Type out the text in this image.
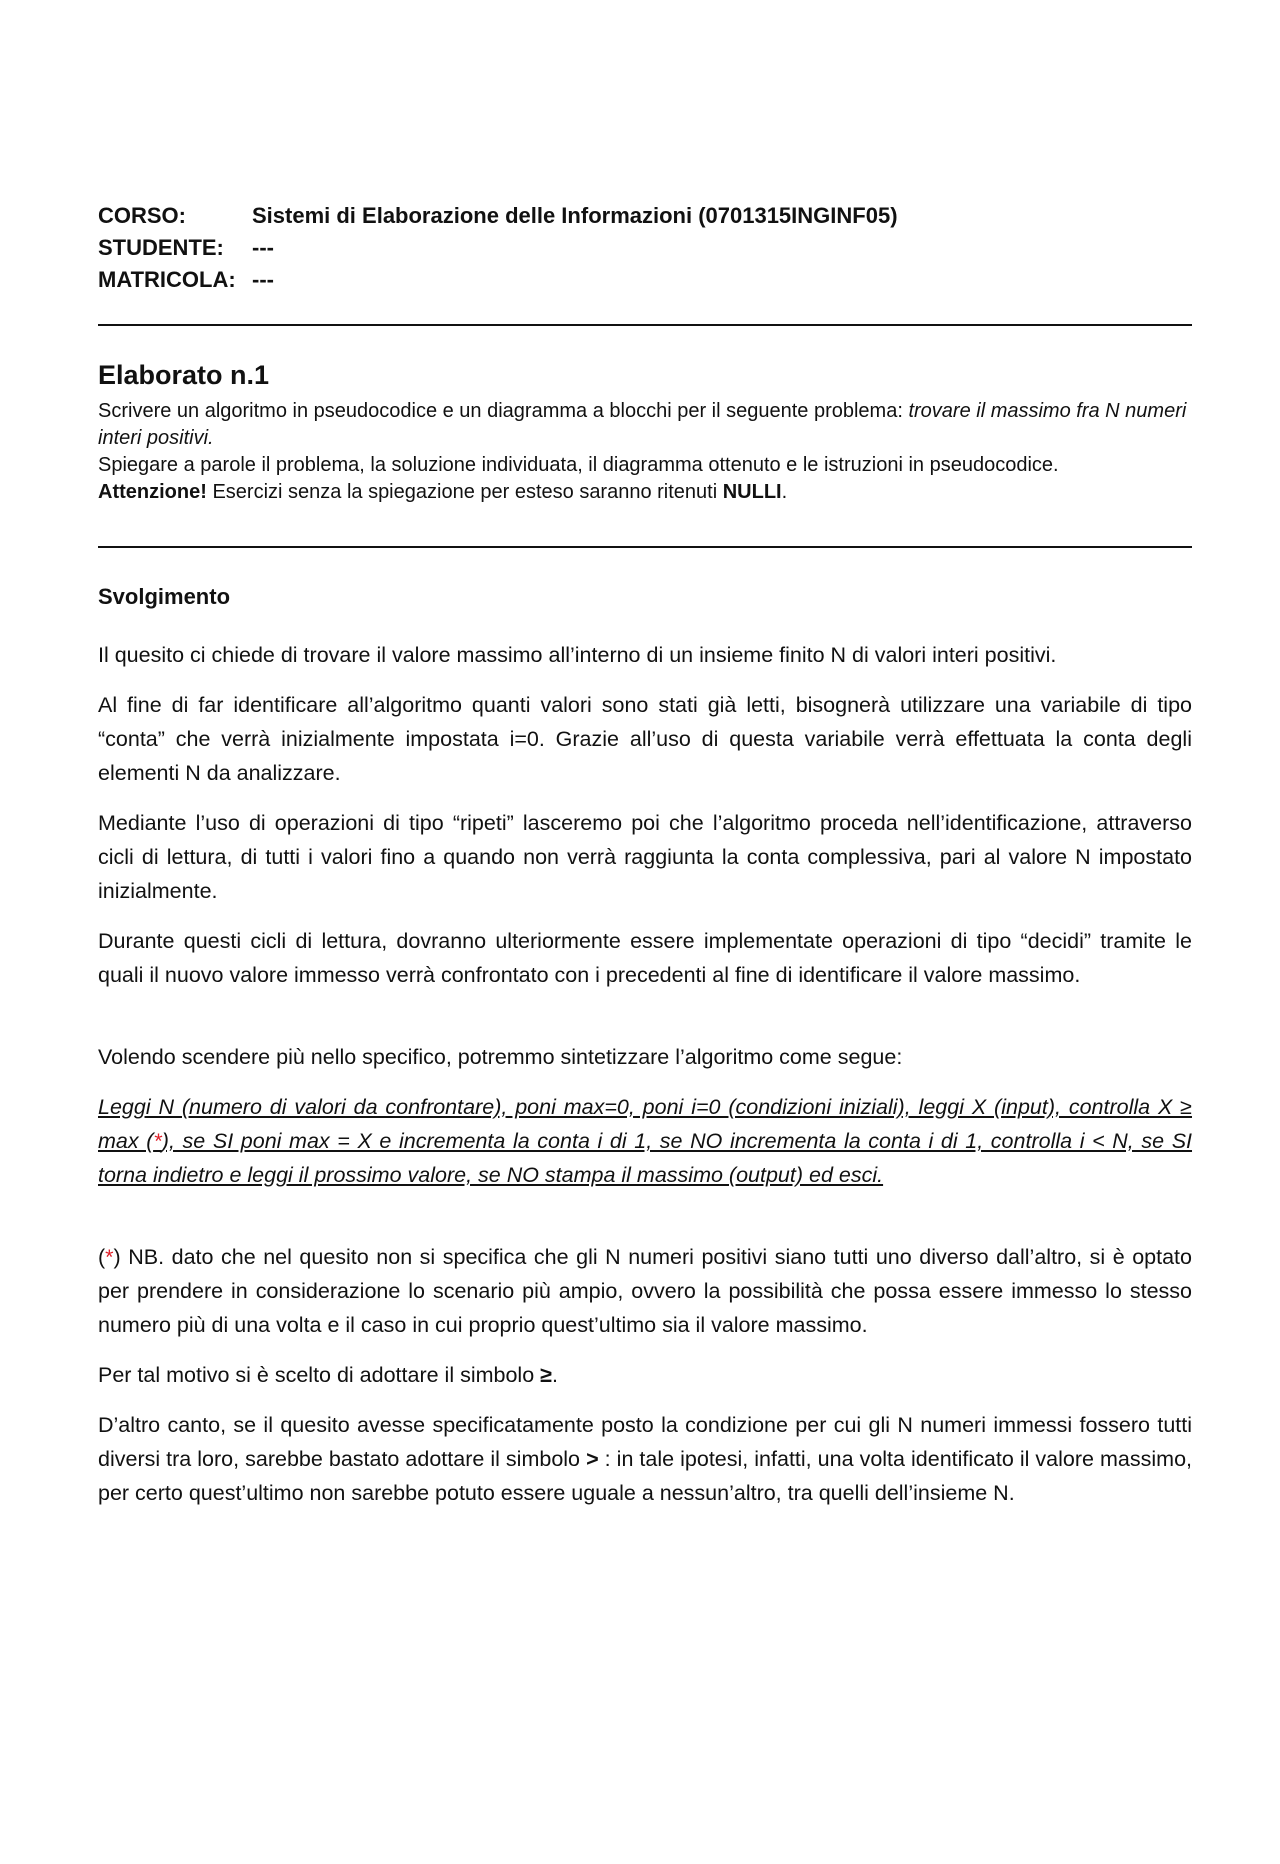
CORSO:	Sistemi di Elaborazione delle Informazioni (0701315INGINF05)
STUDENTE:	---
MATRICOLA: ---
Elaborato n.1

Scrivere un algoritmo in pseudocodice e un diagramma a blocchi per il seguente problema: trovare il massimo fra N numeri interi positivi.

Spiegare a parole il problema, la soluzione individuata, il diagramma ottenuto e le istruzioni in pseudocodice.

Attenzione! Esercizi senza la spiegazione per esteso saranno ritenuti NULLI.

Svolgimento

Il quesito ci chiede di trovare il valore massimo all’interno di un insieme finito N di valori interi positivi.

Al fine di far identificare all’algoritmo quanti valori sono stati già letti, bisognerà utilizzare una variabile di tipo “conta” che verrà inizialmente impostata i=0. Grazie all’uso di questa variabile verrà effettuata la conta degli elementi N da analizzare.

Mediante l’uso di operazioni di tipo “ripeti” lasceremo poi che l’algoritmo proceda nell’identificazione, attraverso cicli di lettura, di tutti i valori fino a quando non verrà raggiunta la conta complessiva, pari al valore N impostato inizialmente.

Durante questi cicli di lettura, dovranno ulteriormente essere implementate operazioni di tipo “decidi” tramite le quali il nuovo valore immesso verrà confrontato con i precedenti al fine di identificare il valore massimo.

Volendo scendere più nello specifico, potremmo sintetizzare l’algoritmo come segue:

Leggi N (numero di valori da confrontare), poni max=0, poni i=0 (condizioni iniziali), leggi X (input), controlla X ≥ max (*), se SI poni max = X e incrementa la conta i di 1, se NO incrementa la conta i di 1, controlla i < N, se SI torna indietro e leggi il prossimo valore, se NO stampa il massimo (output) ed esci.

(*) NB. dato che nel quesito non si specifica che gli N numeri positivi siano tutti uno diverso dall’altro, si è optato per prendere in considerazione lo scenario più ampio, ovvero la possibilità che possa essere immesso lo stesso numero più di una volta e il caso in cui proprio quest’ultimo sia il valore massimo.

Per tal motivo si è scelto di adottare il simbolo ≥.

D’altro canto, se il quesito avesse specificatamente posto la condizione per cui gli N numeri immessi fossero tutti diversi tra loro, sarebbe bastato adottare il simbolo > : in tale ipotesi, infatti, una volta identificato il valore massimo, per certo quest’ultimo non sarebbe potuto essere uguale a nessun’altro, tra quelli dell’insieme N.
